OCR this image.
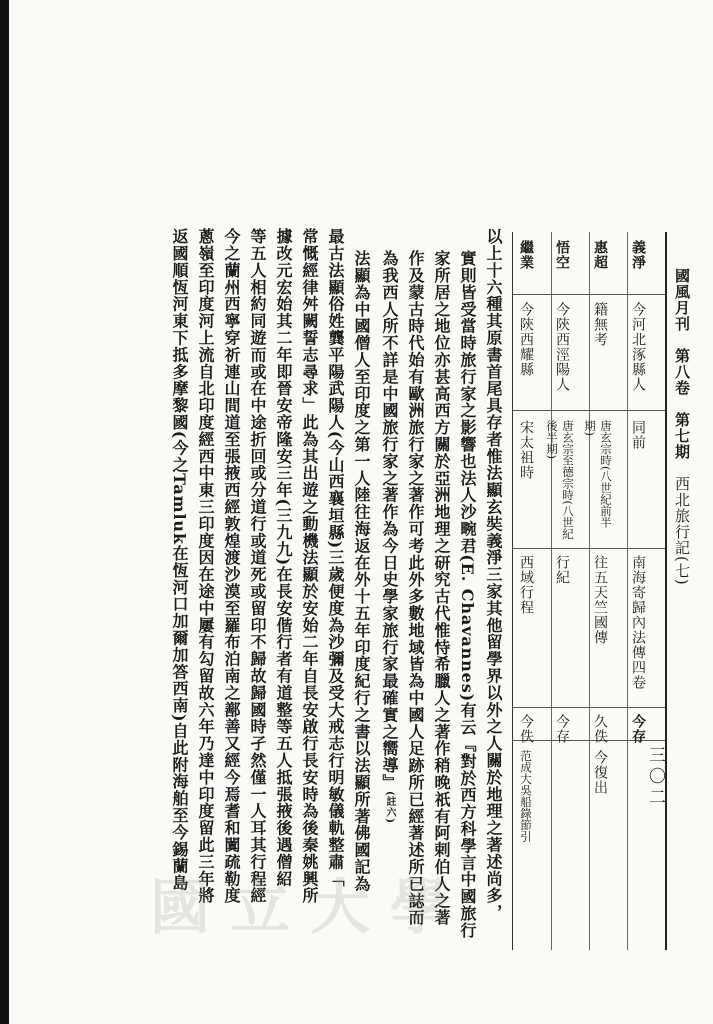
國風月刊　第八卷　第七期　西北旅行記(七)
三〇二
義淨
今河北涿縣人
同前
南海寄歸內法傳四卷
今存
惠超
籍無考
唐玄宗時(八世紀前半期)
往五天竺國傳
久佚
今復出
悟空
今陝西涇陽人
唐玄宗至德宗時(八世紀後半期)
行紀
今存
繼業
今陝西耀縣
宋太祖時
西域行程
今佚
范成大吳船錄節引
以上十六種其原書首尾具存者惟法顯玄奘義淨三家其他留學界以外之人關於地理之著述尚多，
實則皆受當時旅行家之影響也法人沙畹君(E. Chavannes)有云『對於西方科學言中國旅行
家所居之地位亦甚高西方關於亞洲地理之研究古代惟恃希臘人之著作稍晚祇有阿剌伯人之著
作及蒙古時代始有歐洲旅行家之著作可考此外多數地域皆為中國人足跡所已經著述所已誌而
為我西人所不詳是中國旅行家之著作為今日史學家旅行家最確實之嚮導』(註六)
法顯為中國僧人至印度之第一人陸往海返在外十五年印度紀行之書以法顯所著佛國記為
最古法顯俗姓龔平陽武陽人(今山西襄垣縣)三歲便度為沙彌及受大戒志行明敏儀軌整肅「
常慨經律舛闕誓志尋求」此為其出遊之動機法顯於安始二年自長安啟行長安時為後秦姚興所
據改元宏始其二年即晉安帝隆安三年(三九九)在長安偕行者有道整等五人抵張掖後遇僧紹
等五人相約同遊而或在中途折回或分道行或道死或留印不歸故歸國時孑然僅一人耳其行程經
今之蘭州西寧穿祈連山間道至張掖西經敦煌渡沙漠至羅布泊南之鄯善又經今焉耆和闐疏勒度
蔥嶺至印度河上流自北印度經西中東三印度因在途中屢有勾留故六年乃達中印度留此三年將
返國順恆河東下抵多摩黎國(今之Tamluk在恆河口加爾加答西南)自此附海舶至今錫蘭島
國立大學
